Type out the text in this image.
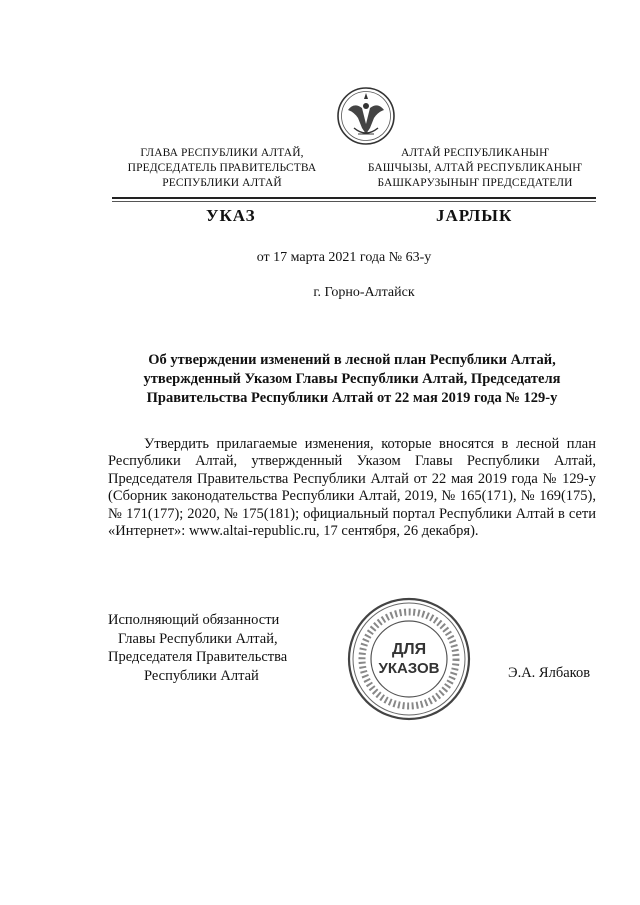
ГЛАВА РЕСПУБЛИКИ АЛТАЙ,
ПРЕДСЕДАТЕЛЬ ПРАВИТЕЛЬСТВА
РЕСПУБЛИКИ АЛТАЙ
АЛТАЙ РЕСПУБЛИКАНЫҤ
БАШЧЫЗЫ, АЛТАЙ РЕСПУБЛИКАНЫҤ
БАШКАРУЗЫНЫҤ ПРЕДСЕДАТЕЛИ
УКАЗ	ЈАРЛЫК
от 17 марта 2021 года № 63-у
г. Горно-Алтайск
Об утверждении изменений в лесной план Республики Алтай, утвержденный Указом Главы Республики Алтай, Председателя Правительства Республики Алтай от 22 мая 2019 года № 129-у
Утвердить прилагаемые изменения, которые вносятся в лесной план Республики Алтай, утвержденный Указом Главы Республики Алтай, Председателя Правительства Республики Алтай от 22 мая 2019 года № 129-у (Сборник законодательства Республики Алтай, 2019, № 165(171), № 169(175), № 171(177); 2020, № 175(181); официальный портал Республики Алтай в сети «Интернет»: www.altai-republic.ru, 17 сентября, 26 декабря).
Исполняющий обязанности
Главы Республики Алтай,
Председателя Правительства
Республики Алтай
ДЛЯ
УКАЗОВ	Э.А. Ялбаков
